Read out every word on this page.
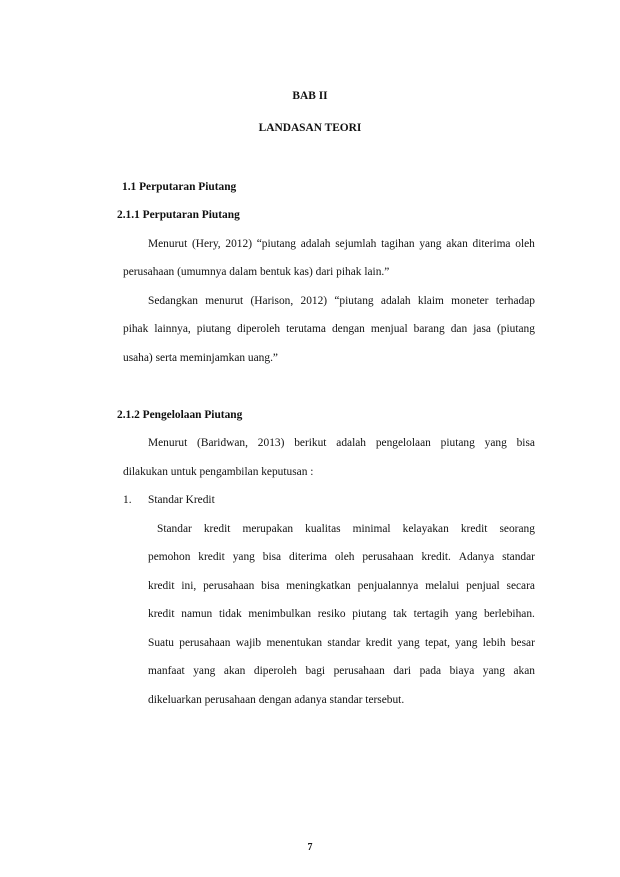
BAB II
LANDASAN TEORI
1.1 Perputaran Piutang
2.1.1 Perputaran Piutang
Menurut (Hery, 2012) “piutang adalah sejumlah tagihan yang akan diterima oleh
perusahaan (umumnya dalam bentuk kas) dari pihak lain.”
Sedangkan menurut (Harison, 2012) “piutang adalah klaim moneter terhadap
pihak lainnya, piutang diperoleh terutama dengan menjual barang dan jasa (piutang
usaha) serta meminjamkan uang.”
2.1.2 Pengelolaan Piutang
Menurut (Baridwan, 2013) berikut adalah pengelolaan piutang yang bisa
dilakukan untuk pengambilan keputusan :
1. Standar Kredit
Standar kredit merupakan kualitas minimal kelayakan kredit seorang
pemohon kredit yang bisa diterima oleh perusahaan kredit. Adanya standar
kredit ini, perusahaan bisa meningkatkan penjualannya melalui penjual secara
kredit namun tidak menimbulkan resiko piutang tak tertagih yang berlebihan.
Suatu perusahaan wajib menentukan standar kredit yang tepat, yang lebih besar
manfaat yang akan diperoleh bagi perusahaan dari pada biaya yang akan
dikeluarkan perusahaan dengan adanya standar tersebut.
7
